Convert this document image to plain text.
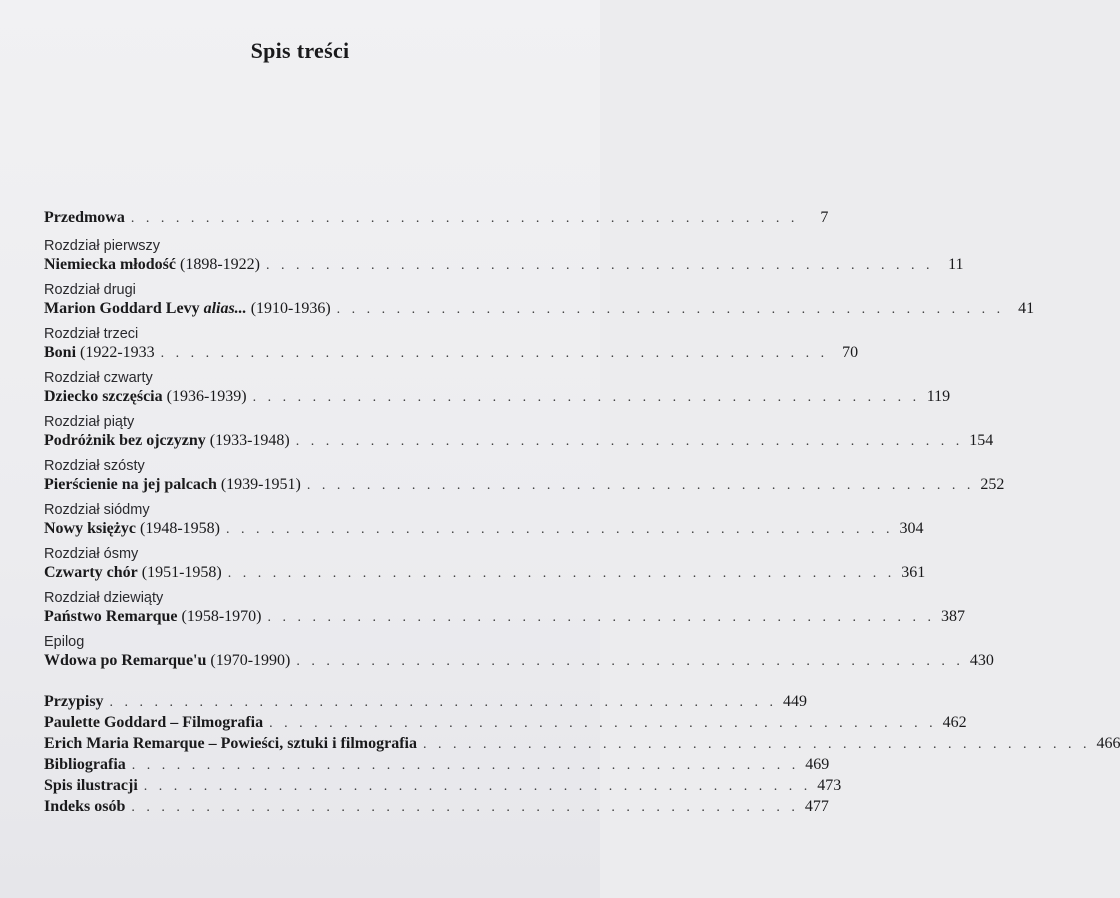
Spis treści
Przedmowa . . . . . . . . . . . . . . . . . . . . . . . . . . . . . . . . . . . . . . . . . . . . .	7
Rozdział pierwszy
Niemiecka młodość (1898-1922) . . . . . . . . . . . . . . . . . . . . . . . . . . . . . . . . . . . . . . . . . . . . . 11
Rozdział drugi
Marion Goddard Levy alias... (1910-1936) . . . . . . . . . . . . . . . . . . . . . . . . . . . . . . . . . . . . . . . . . . . . . 41
Rozdział trzeci
Boni (1922-1933 . . . . . . . . . . . . . . . . . . . . . . . . . . . . . . . . . . . . . . . . . . . . . 70
Rozdział czwarty
Dziecko szczęścia (1936-1939) . . . . . . . . . . . . . . . . . . . . . . . . . . . . . . . . . . . . . . . . . . . . . 119
Rozdział piąty
Podróżnik bez ojczyzny (1933-1948) . . . . . . . . . . . . . . . . . . . . . . . . . . . . . . . . . . . . . . . . . . . . . 154
Rozdział szósty
Pierścienie na jej palcach (1939-1951) . . . . . . . . . . . . . . . . . . . . . . . . . . . . . . . . . . . . . . . . . . . . . 252
Rozdział siódmy
Nowy księżyc (1948-1958) . . . . . . . . . . . . . . . . . . . . . . . . . . . . . . . . . . . . . . . . . . . . . 304
Rozdział ósmy
Czwarty chór (1951-1958) . . . . . . . . . . . . . . . . . . . . . . . . . . . . . . . . . . . . . . . . . . . . . 361
Rozdział dziewiąty
Państwo Remarque (1958-1970) . . . . . . . . . . . . . . . . . . . . . . . . . . . . . . . . . . . . . . . . . . . . . 387
Epilog
Wdowa po Remarque'u (1970-1990) . . . . . . . . . . . . . . . . . . . . . . . . . . . . . . . . . . . . . . . . . . . . . 430
Przypisy . . . . . . . . . . . . . . . . . . . . . . . . . . . . . . . . . . . . . . . . . . . . . 449
Paulette Goddard – Filmografia . . . . . . . . . . . . . . . . . . . . . . . . . . . . . . . . . . . . . . . . . . . . . 462
Erich Maria Remarque – Powieści, sztuki i filmografia . . . . . . . . . . . . . . . . . . . . . . . . . . . . . . . . . . . . . . . . . . . . . 466
Bibliografia . . . . . . . . . . . . . . . . . . . . . . . . . . . . . . . . . . . . . . . . . . . . . 469
Spis ilustracji . . . . . . . . . . . . . . . . . . . . . . . . . . . . . . . . . . . . . . . . . . . . . 473
Indeks osób . . . . . . . . . . . . . . . . . . . . . . . . . . . . . . . . . . . . . . . . . . . . . 477
